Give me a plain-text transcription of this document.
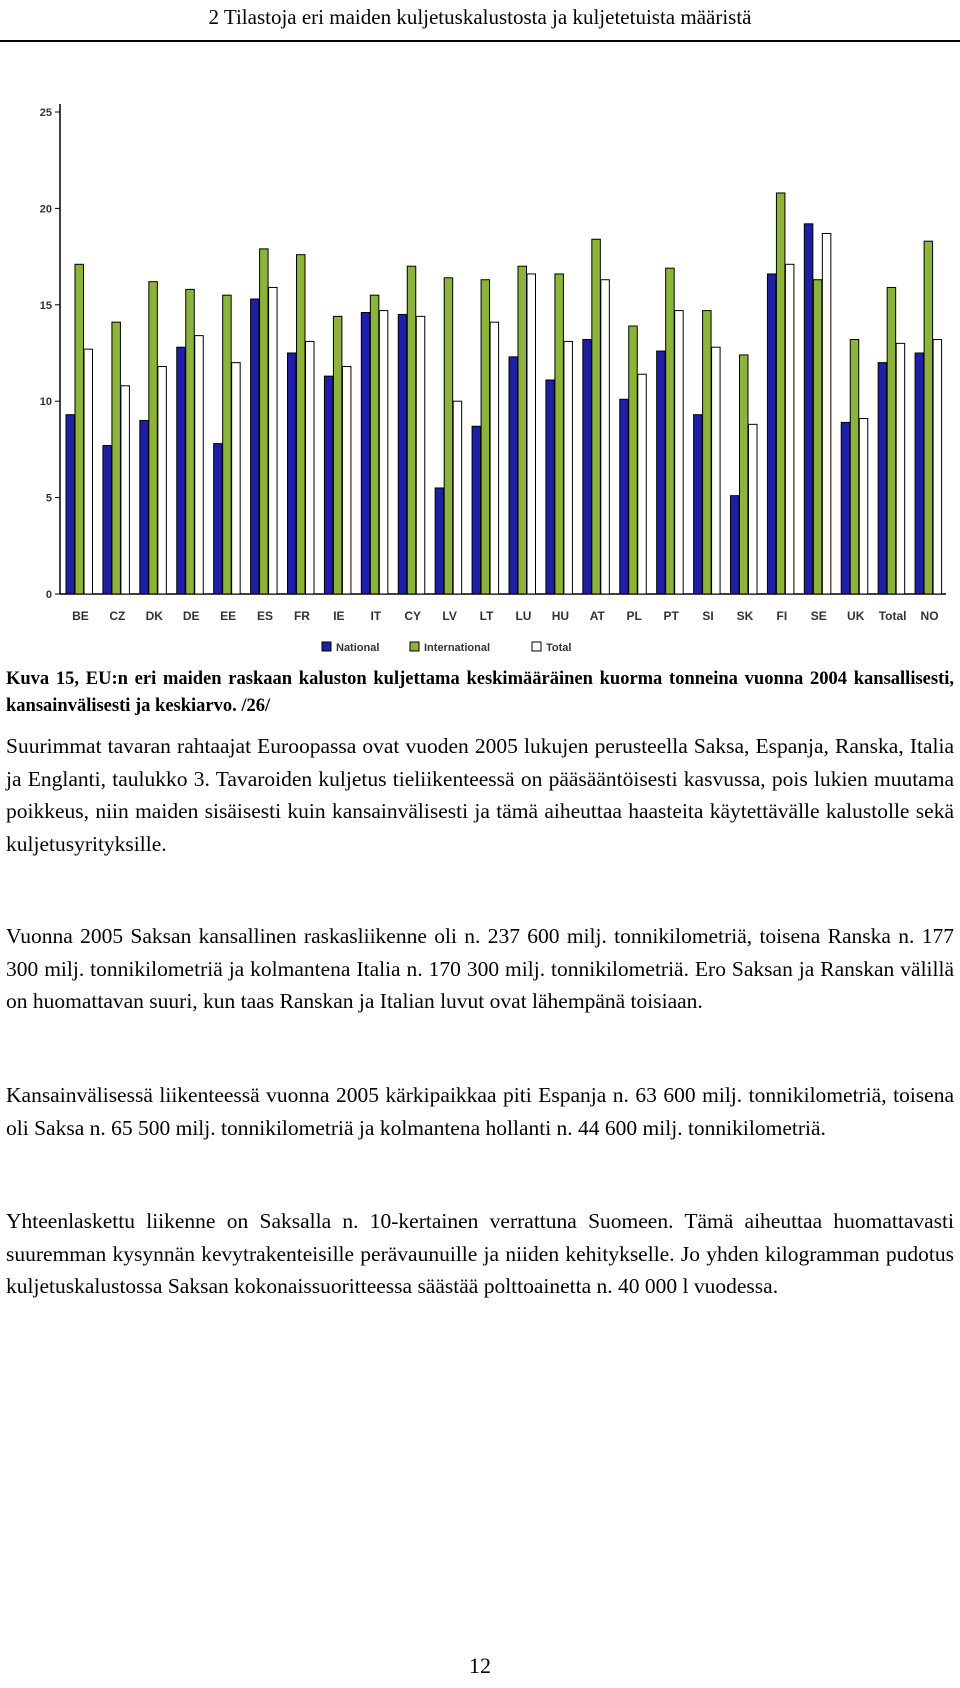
2 Tilastoja eri maiden kuljetuskalustosta ja kuljetetuista määristä
0
5
10
15
20
25
BE CZ DK DE EE ES FR IE IT CY LV LT LU HU AT PL PT SI SK FI SE UK Total NO
National	International	Total
Kuva 15, EU:n eri maiden raskaan kaluston kuljettama keskimääräinen kuorma tonneina vuonna 2004 kansallisesti, kansainvälisesti ja keskiarvo. /26/
Suurimmat tavaran rahtaajat Euroopassa ovat vuoden 2005 lukujen perusteella Saksa, Espanja, Ranska, Italia ja Englanti, taulukko 3. Tavaroiden kuljetus tieliikenteessä on pääsääntöisesti kasvussa, pois lukien muutama poikkeus, niin maiden sisäisesti kuin kansainvälisesti ja tämä aiheuttaa haasteita käytettävälle kalustolle sekä kuljetusyrityksille.
Vuonna 2005 Saksan kansallinen raskasliikenne oli n. 237 600 milj. tonnikilometriä, toisena Ranska n. 177 300 milj. tonnikilometriä ja kolmantena Italia n. 170 300 milj. tonnikilometriä. Ero Saksan ja Ranskan välillä on huomattavan suuri, kun taas Ranskan ja Italian luvut ovat lähempänä toisiaan.
Kansainvälisessä liikenteessä vuonna 2005 kärkipaikkaa piti Espanja n. 63 600 milj. tonnikilometriä, toisena oli Saksa n. 65 500 milj. tonnikilometriä ja kolmantena hollanti n. 44 600 milj. tonnikilometriä.
Yhteenlaskettu liikenne on Saksalla n. 10-kertainen verrattuna Suomeen. Tämä aiheuttaa huomattavasti suuremman kysynnän kevytrakenteisille perävaunuille ja niiden kehitykselle. Jo yhden kilogramman pudotus kuljetuskalustossa Saksan kokonaissuoritteessa säästää polttoainetta n. 40 000 l vuodessa.
12
